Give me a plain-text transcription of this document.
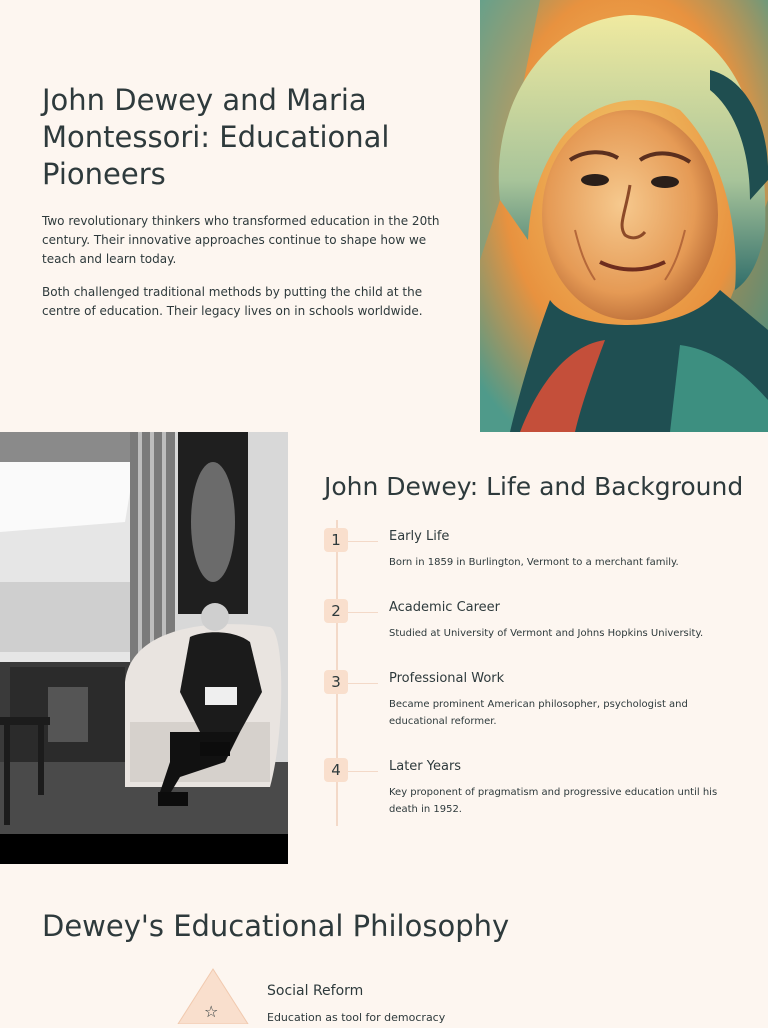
John Dewey and Maria Montessori: Educational Pioneers

Two revolutionary thinkers who transformed education in the 20th century. Their innovative approaches continue to shape how we teach and learn today.

Both challenged traditional methods by putting the child at the centre of education. Their legacy lives on in schools worldwide.

John Dewey: Life and Background
1	Early Life
Born in 1859 in Burlington, Vermont to a merchant family.
2	Academic Career
Studied at University of Vermont and Johns Hopkins University.
3	Professional Work
Became prominent American philosopher, psychologist and educational reformer.
4	Later Years
Key proponent of pragmatism and progressive education until his death in 1952.
Dewey's Educational Philosophy
☆
Social Reform
Education as tool for democracy
